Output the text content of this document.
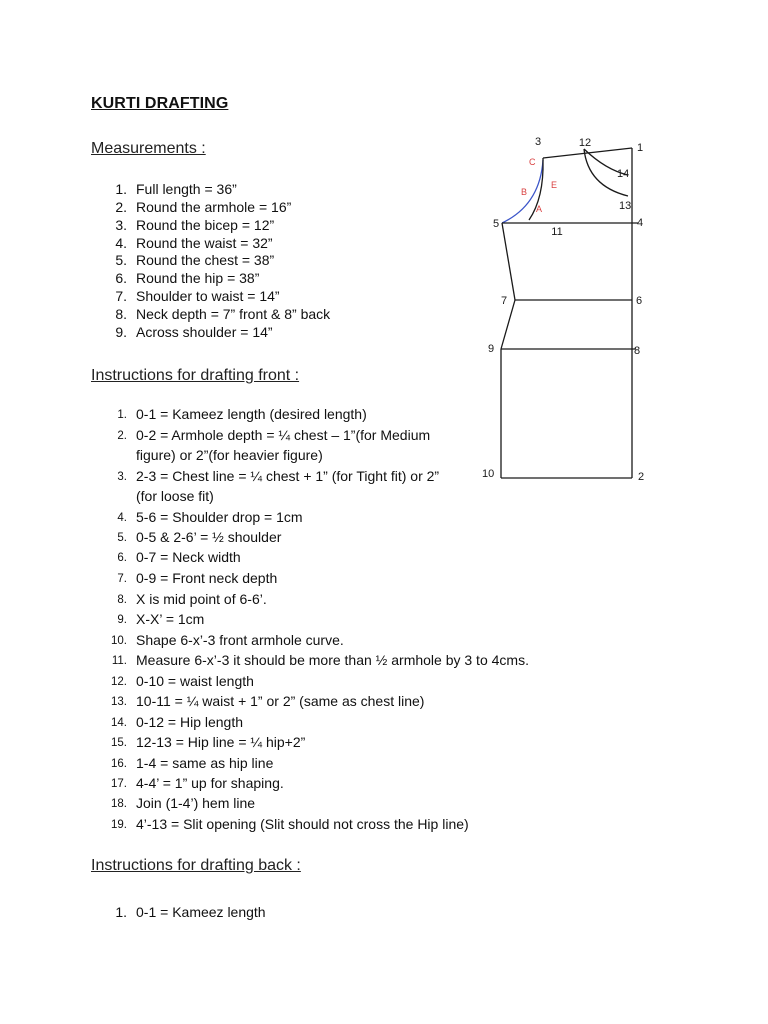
KURTI DRAFTING
Measurements :
1. Full length = 36”
2. Round the armhole = 16”
3. Round the bicep = 12”
4. Round the waist = 32”
5. Round the chest = 38”
6. Round the hip = 38”
7. Shoulder to waist = 14”
8. Neck depth = 7” front & 8” back
9. Across shoulder = 14”
Instructions for drafting front :
1. 0-1 = Kameez length (desired length)
2. 0-2 = Armhole depth = ¼ chest – 1”(for Medium figure) or 2”(for heavier figure)
3. 2-3 = Chest line = ¼ chest + 1” (for Tight fit) or 2” (for loose fit)
4. 5-6 = Shoulder drop = 1cm
5. 0-5 & 2-6’ = ½ shoulder
6. 0-7 = Neck width
7. 0-9 = Front neck depth
8. X is mid point of 6-6’.
9. X-X’ = 1cm
10. Shape 6-x’-3 front armhole curve.
11. Measure 6-x’-3 it should be more than ½ armhole by 3 to 4cms.
12. 0-10 = waist length
13. 10-11 = ¼ waist + 1” or 2” (same as chest line)
14. 0-12 = Hip length
15. 12-13 = Hip line = ¼ hip+2”
16. 1-4 = same as hip line
17. 4-4’ = 1” up for shaping.
18. Join (1-4’) hem line
19. 4’-13 = Slit opening (Slit should not cross the Hip line)
Instructions for drafting back :
1. 0-1 = Kameez length
3	12	1
14
13
5	4
11
7	6
9	8
10	2
C
E
B
A
